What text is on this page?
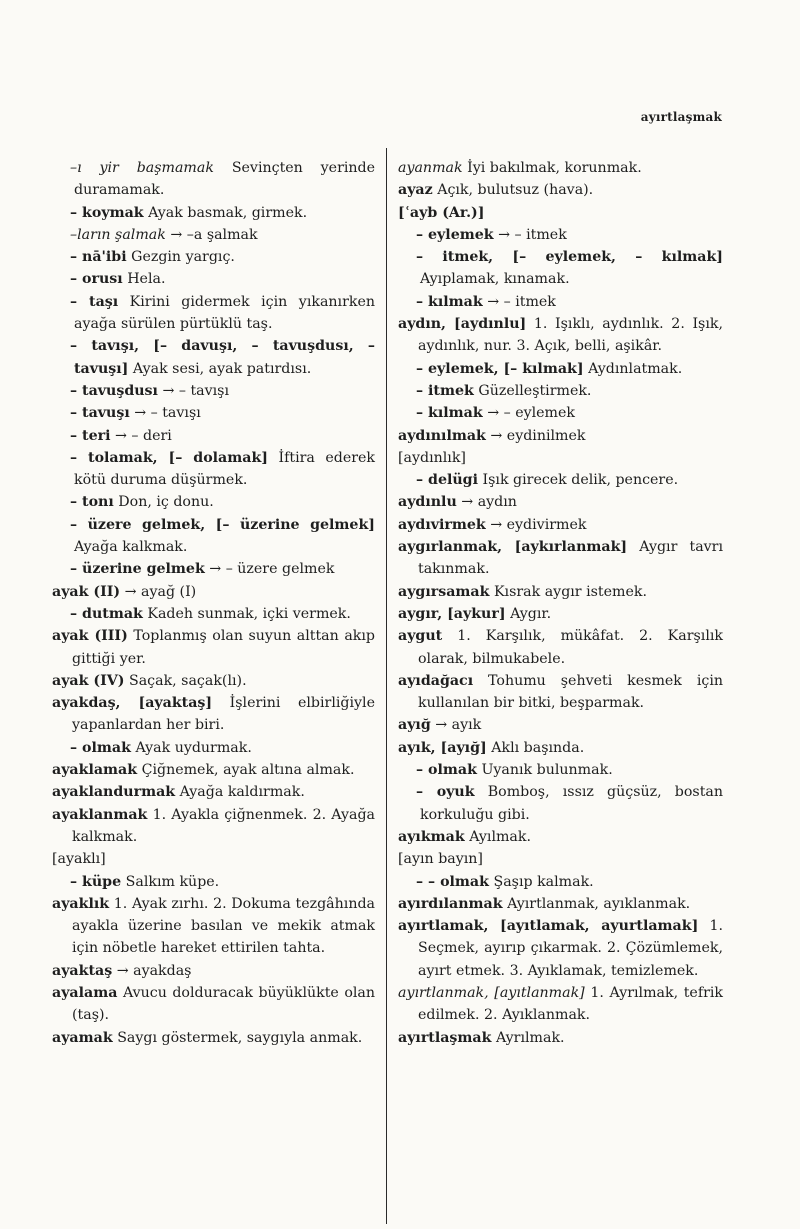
ayırtlaşmak

–ı yir başmamak Sevinçten yerinde duramamak.

– koymak Ayak basmak, girmek.

–ların şalmak → –a şalmak

– nā'ibi Gezgin yargıç.

– orusı Hela.

– taşı Kirini gidermek için yıkanırken ayağa sürülen pürtüklü taş.

– tavışı, [– davuşı, – tavuşdusı, – tavuşı] Ayak sesi, ayak patırdısı.

– tavuşdusı → – tavışı

– tavuşı → – tavışı

– teri → – deri

– tolamak, [– dolamak] İftira ederek kötü duruma düşürmek.

– tonı Don, iç donu.

– üzere gelmek, [– üzerine gelmek] Ayağa kalkmak.

– üzerine gelmek → – üzere gelmek

ayak (II) → ayağ (I)

– dutmak Kadeh sunmak, içki vermek.

ayak (III) Toplanmış olan suyun alttan akıp gittiği yer.

ayak (IV) Saçak, saçak(lı).

ayakdaş, [ayaktaş] İşlerini elbirliğiyle yapanlardan her biri.

– olmak Ayak uydurmak.

ayaklamak Çiğnemek, ayak altına almak.

ayaklandurmak Ayağa kaldırmak.

ayaklanmak 1. Ayakla çiğnenmek. 2. Ayağa kalkmak.

[ayaklı]

– küpe Salkım küpe.

ayaklık 1. Ayak zırhı. 2. Dokuma tezgâhında ayakla üzerine basılan ve mekik atmak için nöbetle hareket ettirilen tahta.

ayaktaş → ayakdaş

ayalama Avucu dolduracak büyüklükte olan (taş).

ayamak Saygı göstermek, saygıyla anmak.

ayanmak İyi bakılmak, korunmak.

ayaz Açık, bulutsuz (hava).

[ʿayb (Ar.)]

– eylemek → – itmek

– itmek, [– eylemek, – kılmak] Ayıplamak, kınamak.

– kılmak → – itmek

aydın, [aydınlu] 1. Işıklı, aydınlık. 2. Işık, aydınlık, nur. 3. Açık, belli, aşikâr.

– eylemek, [– kılmak] Aydınlatmak.

– itmek Güzelleştirmek.

– kılmak → – eylemek

aydınılmak → eydinilmek

[aydınlık]

– delügi Işık girecek delik, pencere.

aydınlu → aydın

aydıvirmek → eydivirmek

aygırlanmak, [aykırlanmak] Aygır tavrı takınmak.

aygırsamak Kısrak aygır istemek.

aygır, [aykur] Aygır.

aygut 1. Karşılık, mükâfat. 2. Karşılık olarak, bilmukabele.

ayıdağacı Tohumu şehveti kesmek için kullanılan bir bitki, beşparmak.

ayığ → ayık

ayık, [ayığ] Aklı başında.

– olmak Uyanık bulunmak.

– oyuk Bomboş, ıssız güçsüz, bostan korkuluğu gibi.

ayıkmak Ayılmak.

[ayın bayın]

– – olmak Şaşıp kalmak.

ayırdılanmak Ayırtlanmak, ayıklanmak.

ayırtlamak, [ayıtlamak, ayurtlamak] 1. Seçmek, ayırıp çıkarmak. 2. Çözümlemek, ayırt etmek. 3. Ayıklamak, temizlemek.

ayırtlanmak, [ayıtlanmak] 1. Ayrılmak, tefrik edilmek. 2. Ayıklanmak.

ayırtlaşmak Ayrılmak.
